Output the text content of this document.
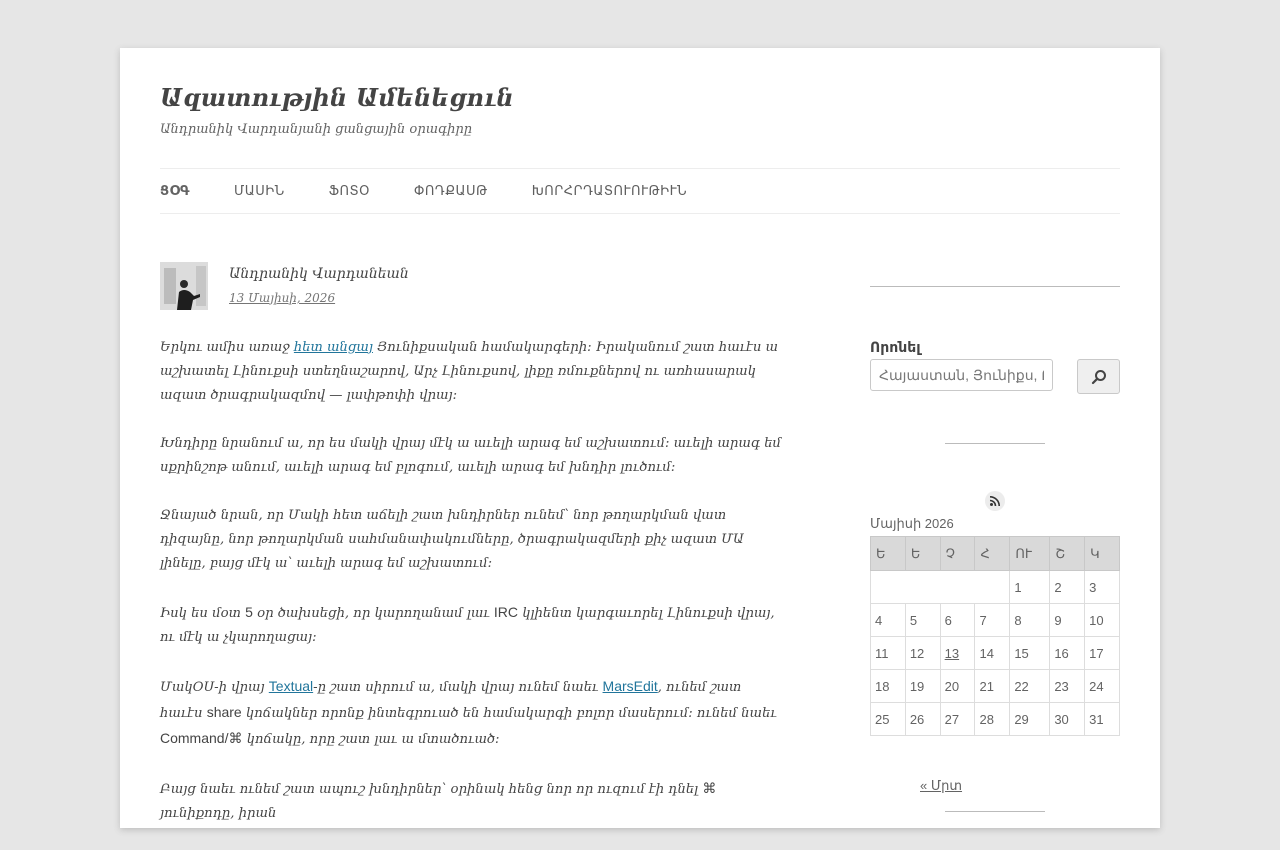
Ազատությին Ամենեցուն
Անդրանիկ Վարդանյանի ցանցային օրագիրը
ՑՕԳ	ՄԱՍԻՆ	ՖՈՏՕ	ՓՈԴՔԱՍԹ	ԽՈՐՀՐԴԱՏՈՒՈՒԹԻՒՆ
Անդրանիկ Վարդանեան
13 Մայիսի, 2026

Երկու ամիս առաջ հետ անցայ Յունիքսական համակարգերի։ Իրականում շատ հաւէս ա աշխատել Լինուքսի ստեղնաշարով, Արչ Լինուքսով, լիքը ռմուքներով ու առհասարակ ազատ ծրագրակազմով — լափթոփի վրայ։

Խնդիրը նրանում ա, որ ես մակի վրայ մէկ ա աւելի արագ եմ աշխատում։ աւելի արագ եմ սքրինշոթ անում, աւելի արագ եմ բլոգում, աւելի արագ եմ խնդիր լուծում։

Ջնայած նրան, որ Մակի հետ աճելի շատ խնդիրներ ունեմ՝ նոր թողարկման վատ դիզայնը, նոր թողարկման սահմանափակումները, ծրագրակազմերի քիչ ազատ ՄԱ լինելը, բայց մէկ ա՝ աւելի արագ եմ աշխատում։

Իսկ ես մօտ 5 օր ծախսեցի, որ կարողանամ լաւ IRC կլիենտ կարգաւորել Լինուքսի վրայ, ու մէկ ա չկարողացայ։

ՄակՕՍ-ի վրայ Textual-ը շատ սիրում ա, մակի վրայ ունեմ նաեւ MarsEdit, ունեմ շատ հաւէս share կոճակներ որոնք ինտեգրուած են համակարգի բոլոր մասերում։ ունեմ նաեւ Command/⌘ կոճակը, որը շատ լաւ ա մտածուած։

Բայց նաեւ ունեմ շատ ապուշ խնդիրներ՝ օրինակ հենց նոր որ ուզում էի դնել ⌘ յունիքոդը, իրան

Որոնել
Հայաստան, Յունիքս, Բ
Մայիսի 2026
Ե	Ե	Չ	Հ	ՈՒ	Շ	Կ
				1	2	3
4	5	6	7	8	9	10
11	12	13	14	15	16	17
18	19	20	21	22	23	24
25	26	27	28	29	30	31
« Մրտ
